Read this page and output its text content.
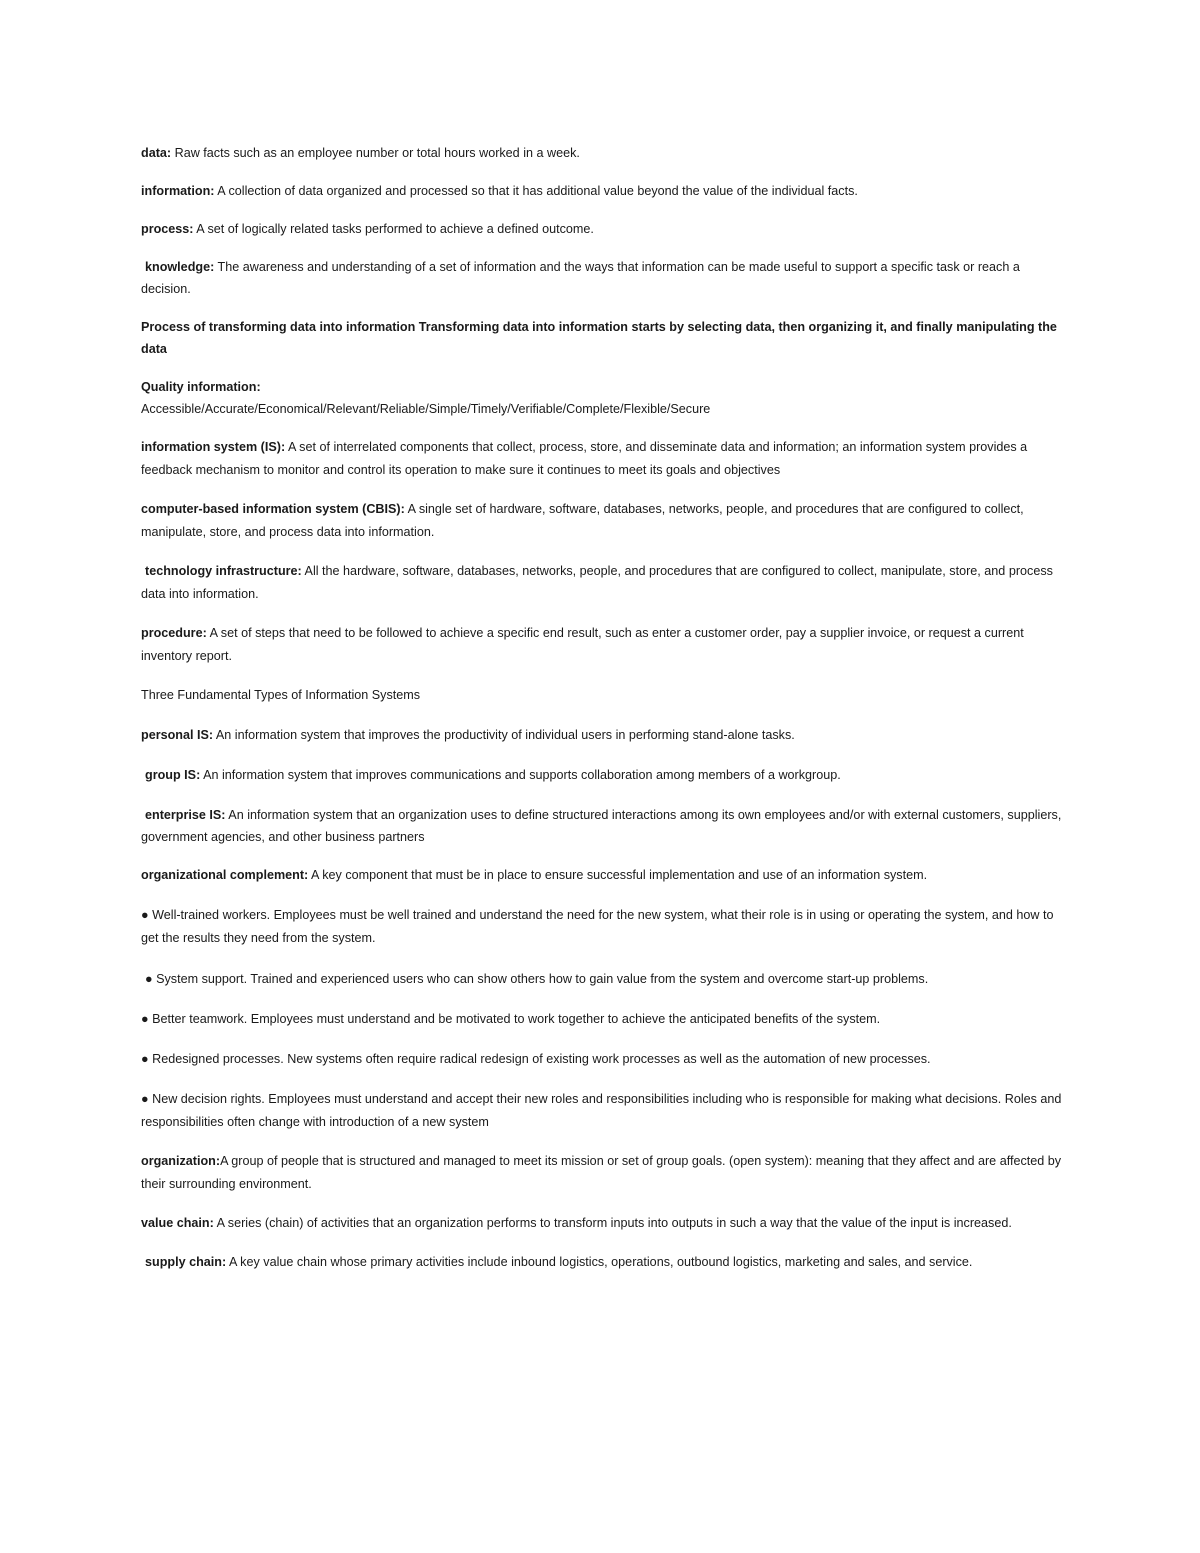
data: Raw facts such as an employee number or total hours worked in a week.

information: A collection of data organized and processed so that it has additional value beyond the value of the individual facts.

process: A set of logically related tasks performed to achieve a defined outcome.

knowledge: The awareness and understanding of a set of information and the ways that information can be made useful to support a specific task or reach a decision.

Process of transforming data into information Transforming data into information starts by selecting data, then organizing it, and finally manipulating the data

Quality information:
Accessible/Accurate/Economical/Relevant/Reliable/Simple/Timely/Verifiable/Complete/Flexible/Secure

information system (IS): A set of interrelated components that collect, process, store, and disseminate data and information; an information system provides a feedback mechanism to monitor and control its operation to make sure it continues to meet its goals and objectives

computer-based information system (CBIS): A single set of hardware, software, databases, networks, people, and procedures that are configured to collect, manipulate, store, and process data into information.

technology infrastructure: All the hardware, software, databases, networks, people, and procedures that are configured to collect, manipulate, store, and process data into information.

procedure: A set of steps that need to be followed to achieve a specific end result, such as enter a customer order, pay a supplier invoice, or request a current inventory report.

Three Fundamental Types of Information Systems

personal IS: An information system that improves the productivity of individual users in performing stand-alone tasks.

group IS: An information system that improves communications and supports collaboration among members of a workgroup.

enterprise IS: An information system that an organization uses to define structured interactions among its own employees and/or with external customers, suppliers, government agencies, and other business partners

organizational complement: A key component that must be in place to ensure successful implementation and use of an information system.

● Well-trained workers. Employees must be well trained and understand the need for the new system, what their role is in using or operating the system, and how to get the results they need from the system.

● System support. Trained and experienced users who can show others how to gain value from the system and overcome start-up problems.

● Better teamwork. Employees must understand and be motivated to work together to achieve the anticipated benefits of the system.

● Redesigned processes. New systems often require radical redesign of existing work processes as well as the automation of new processes.

● New decision rights. Employees must understand and accept their new roles and responsibilities including who is responsible for making what decisions. Roles and responsibilities often change with introduction of a new system

organization:A group of people that is structured and managed to meet its mission or set of group goals. (open system): meaning that they affect and are affected by their surrounding environment.

value chain: A series (chain) of activities that an organization performs to transform inputs into outputs in such a way that the value of the input is increased.

supply chain: A key value chain whose primary activities include inbound logistics, operations, outbound logistics, marketing and sales, and service.
